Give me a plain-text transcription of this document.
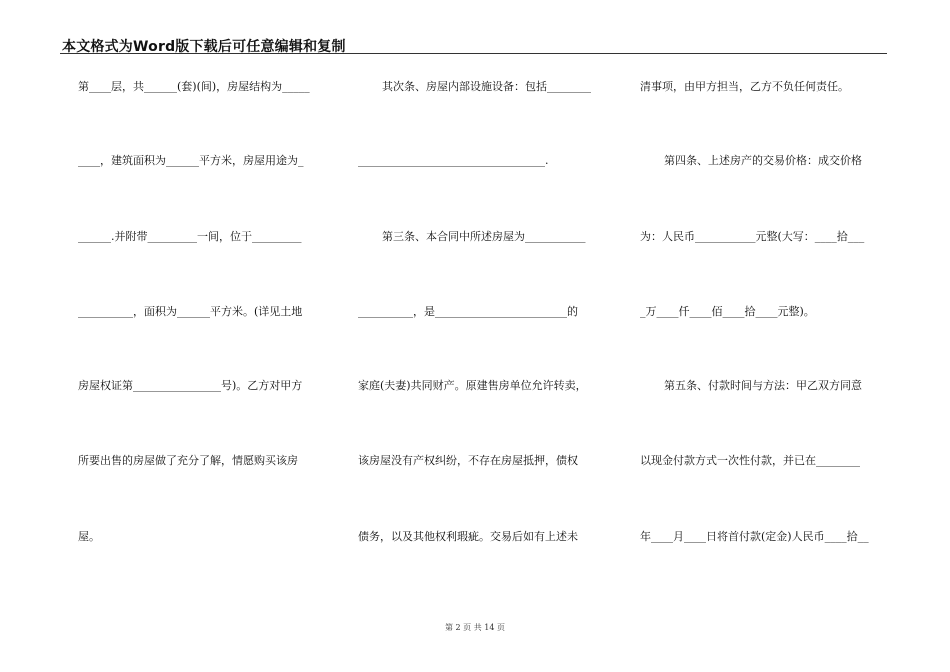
本文格式为Word版下载后可任意编辑和复制
第____层，共______(套)(间)，房屋结构为_____
____，建筑面积为______平方米，房屋用途为_
______.并附带_________一间，位于_________
__________，面积为______平方米。(详见土地
房屋权证第________________号)。乙方对甲方
所要出售的房屋做了充分了解，情愿购买该房
屋。
其次条、房屋内部设施设备：包括________
__________________________________.
第三条、本合同中所述房屋为___________
__________，是________________________的
家庭(夫妻)共同财产。原建售房单位允许转卖，
该房屋没有产权纠纷，不存在房屋抵押，债权
债务，以及其他权利瑕疵。交易后如有上述未
清事项，由甲方担当，乙方不负任何责任。
第四条、上述房产的交易价格：成交价格
为：人民币___________元整(大写：____拾___
_万____仟____佰____拾____元整)。
第五条、付款时间与方法：甲乙双方同意
以现金付款方式一次性付款，并已在________
年____月____日将首付款(定金)人民币____拾__
第 2 页 共 14 页
